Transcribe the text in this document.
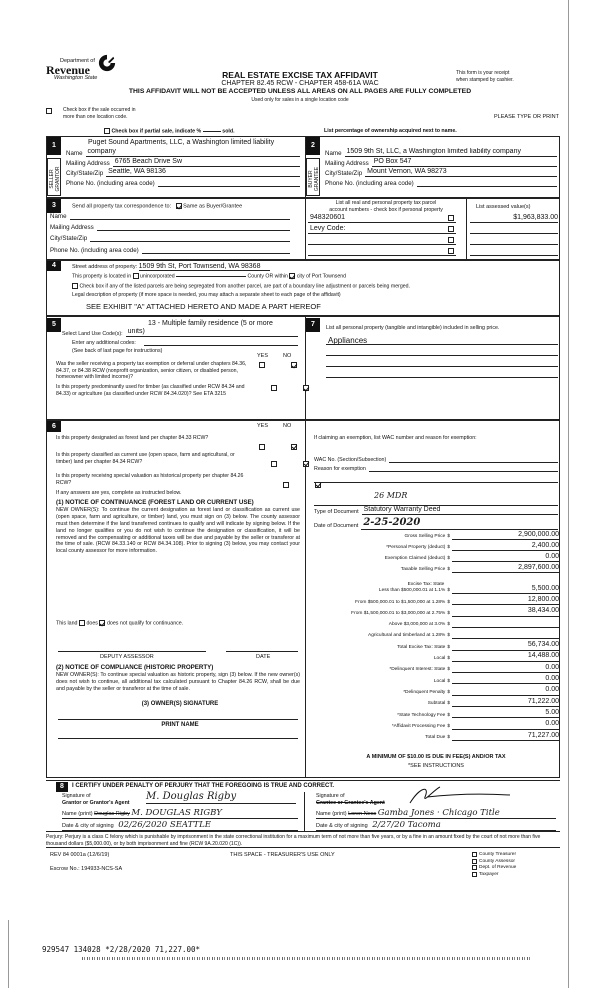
Department of
Revenue
Washington State	REAL ESTATE EXCISE TAX AFFIDAVIT
CHAPTER 82.45 RCW - CHAPTER 458-61A WAC
This form is your receipt
when stamped by cashier.
THIS AFFIDAVIT WILL NOT BE ACCEPTED UNLESS ALL AREAS ON ALL PAGES ARE FULLY COMPLETED
Used only for sales in a single location code
Check box if the sale occurred in
more than one location code.	PLEASE TYPE OR PRINT
Check box if partial sale, indicate %	sold.	List percentage of ownership acquired next to name.
1
SELLER
GRANTOR
Puget Sound Apartments, LLC, a Washington limited liability
Name company
Mailing Address 6765 Beach Drive Sw
City/State/Zip Seattle, WA 98136
Phone No. (including area code)
2
BUYER
GRANTEE
Name 1509 9th St, LLC, a Washington limited liability company
Mailing Address PO Box 547
City/State/Zip Mount Vernon, WA 98273
Phone No. (including area code)
3	Send all property tax correspondence to: Same as Buyer/Grantee
Name
Mailing Address
City/State/Zip
Phone No. (including area code)
List all real and personal property tax parcel
account numbers - check box if personal property	List assessed value(s)
948320601	$1,963,833.00
Levy Code:
4	Street address of property: 1509 9th St, Port Townsend, WA 98368
This property is located in unincorporated	County OR within city of Port Townsend
Check box if any of the listed parcels are being segregated from another parcel, are part of a boundary line adjustment or parcels being merged.
Legal description of property (if more space is needed, you may attach a separate sheet to each page of the affidavit)
SEE EXHIBIT "A" ATTACHED HERETO AND MADE A PART HEREOF
5	13 - Multiple family residence (5 or more
Select Land Use Code(s): units)
Enter any additional codes:
(See back of last page for instructions)
YES	NO
Was the seller receiving a property tax exemption or deferral under chapters 84.36, 84.37, or 84.38 RCW (nonprofit organization, senior citizen, or disabled person, homeowner with limited income)?
Is this property predominantly used for timber (as classified under RCW 84.34 and 84.33) or agriculture (as classified under RCW 84.34.020)? See ETA 3215
7	List all personal property (tangible and intangible) included in selling price.
Appliances
6	YES	NO
Is this property designated as forest land per chapter 84.33 RCW?
Is this property classified as current use (open space, farm and agricultural, or timber) land per chapter 84.34 RCW?
Is this property receiving special valuation as historical property per chapter 84.26 RCW?
If any answers are yes, complete as instructed below.
(1) NOTICE OF CONTINUANCE (FOREST LAND OR CURRENT USE)
NEW OWNER(S): To continue the current designation as forest land or classification as current use (open space, farm and agriculture, or timber) land, you must sign on (3) below. The county assessor must then determine if the land transferred continues to qualify and will indicate by signing below. If the land no longer qualifies or you do not wish to continue the designation or classification, it will be removed and the compensating or additional taxes will be due and payable by the seller or transferor at the time of sale. (RCW 84.33.140 or RCW 84.34.108). Prior to signing (3) below, you may contact your local county assessor for more information.
This land does does not qualify for continuance.
DEPUTY ASSESSOR	DATE
(2) NOTICE OF COMPLIANCE (HISTORIC PROPERTY)
NEW OWNER(S): To continue special valuation as historic property, sign (3) below. If the new owner(s) does not wish to continue, all additional tax calculated pursuant to Chapter 84.26 RCW, shall be due and payable by the seller or transferor at the time of sale.
(3) OWNER(S) SIGNATURE
PRINT NAME
If claiming an exemption, list WAC number and reason for exemption:
WAC No. (Section/Subsection)
Reason for exemption
26 MDR
Type of Document Statutory Warranty Deed
Date of Document 2-25-2020
Gross Selling Price $	2,900,000.00
*Personal Property (deduct) $	2,400.00
Exemption Claimed (deduct) $	0.00
Taxable Selling Price $	2,897,600.00
Less than $500,000.01 at 1.1% $	5,500.00
From $500,000.01 to $1,500,000 at 1.28% $	12,800.00
From $1,500,000.01 to $3,000,000 at 2.75% $	38,434.00
Above $3,000,000 at 3.0% $
Agricultural and timberland at 1.28% $
Total Excise Tax: State $	56,734.00
Local $	14,488.00
*Delinquent Interest: State $	0.00
Local $	0.00
*Delinquent Penalty $	0.00
Subtotal $	71,222.00
*State Technology Fee $	5.00
*Affidavit Processing Fee $	0.00
Total Due $	71,227.00
Excise Tax: State
A MINIMUM OF $10.00 IS DUE IN FEE(S) AND/OR TAX
*SEE INSTRUCTIONS
8	I CERTIFY UNDER PENALTY OF PERJURY THAT THE FOREGOING IS TRUE AND CORRECT.
Signature of
Grantor or Grantor's Agent
M. Douglas Rigby
Name (print) Douglas Rigby M. DOUGLAS RIGBY
Date & city of signing 02/26/2020 SEATTLE
Signature of
Grantee or Grantee's Agent
Name (print) Loren Ness Gamba Jones · Chicago Title
Date & city of signing 2/27/20 Tacoma
Perjury: Perjury is a class C felony which is punishable by imprisonment in the state correctional institution for a maximum term of not more than five years, or by a fine in an amount fixed by the court of not more than five thousand dollars ($5,000.00), or by both imprisonment and fine (RCW 9A.20.020 (1C)).
REV 84 0001a (12/6/19)	THIS SPACE - TREASURER'S USE ONLY
Escrow No.: 194933-NCS-SA
County Treasurer
County Assessor
Dept. of Revenue
Taxpayer
929547 134028 *2/28/2020 71,227.00*
